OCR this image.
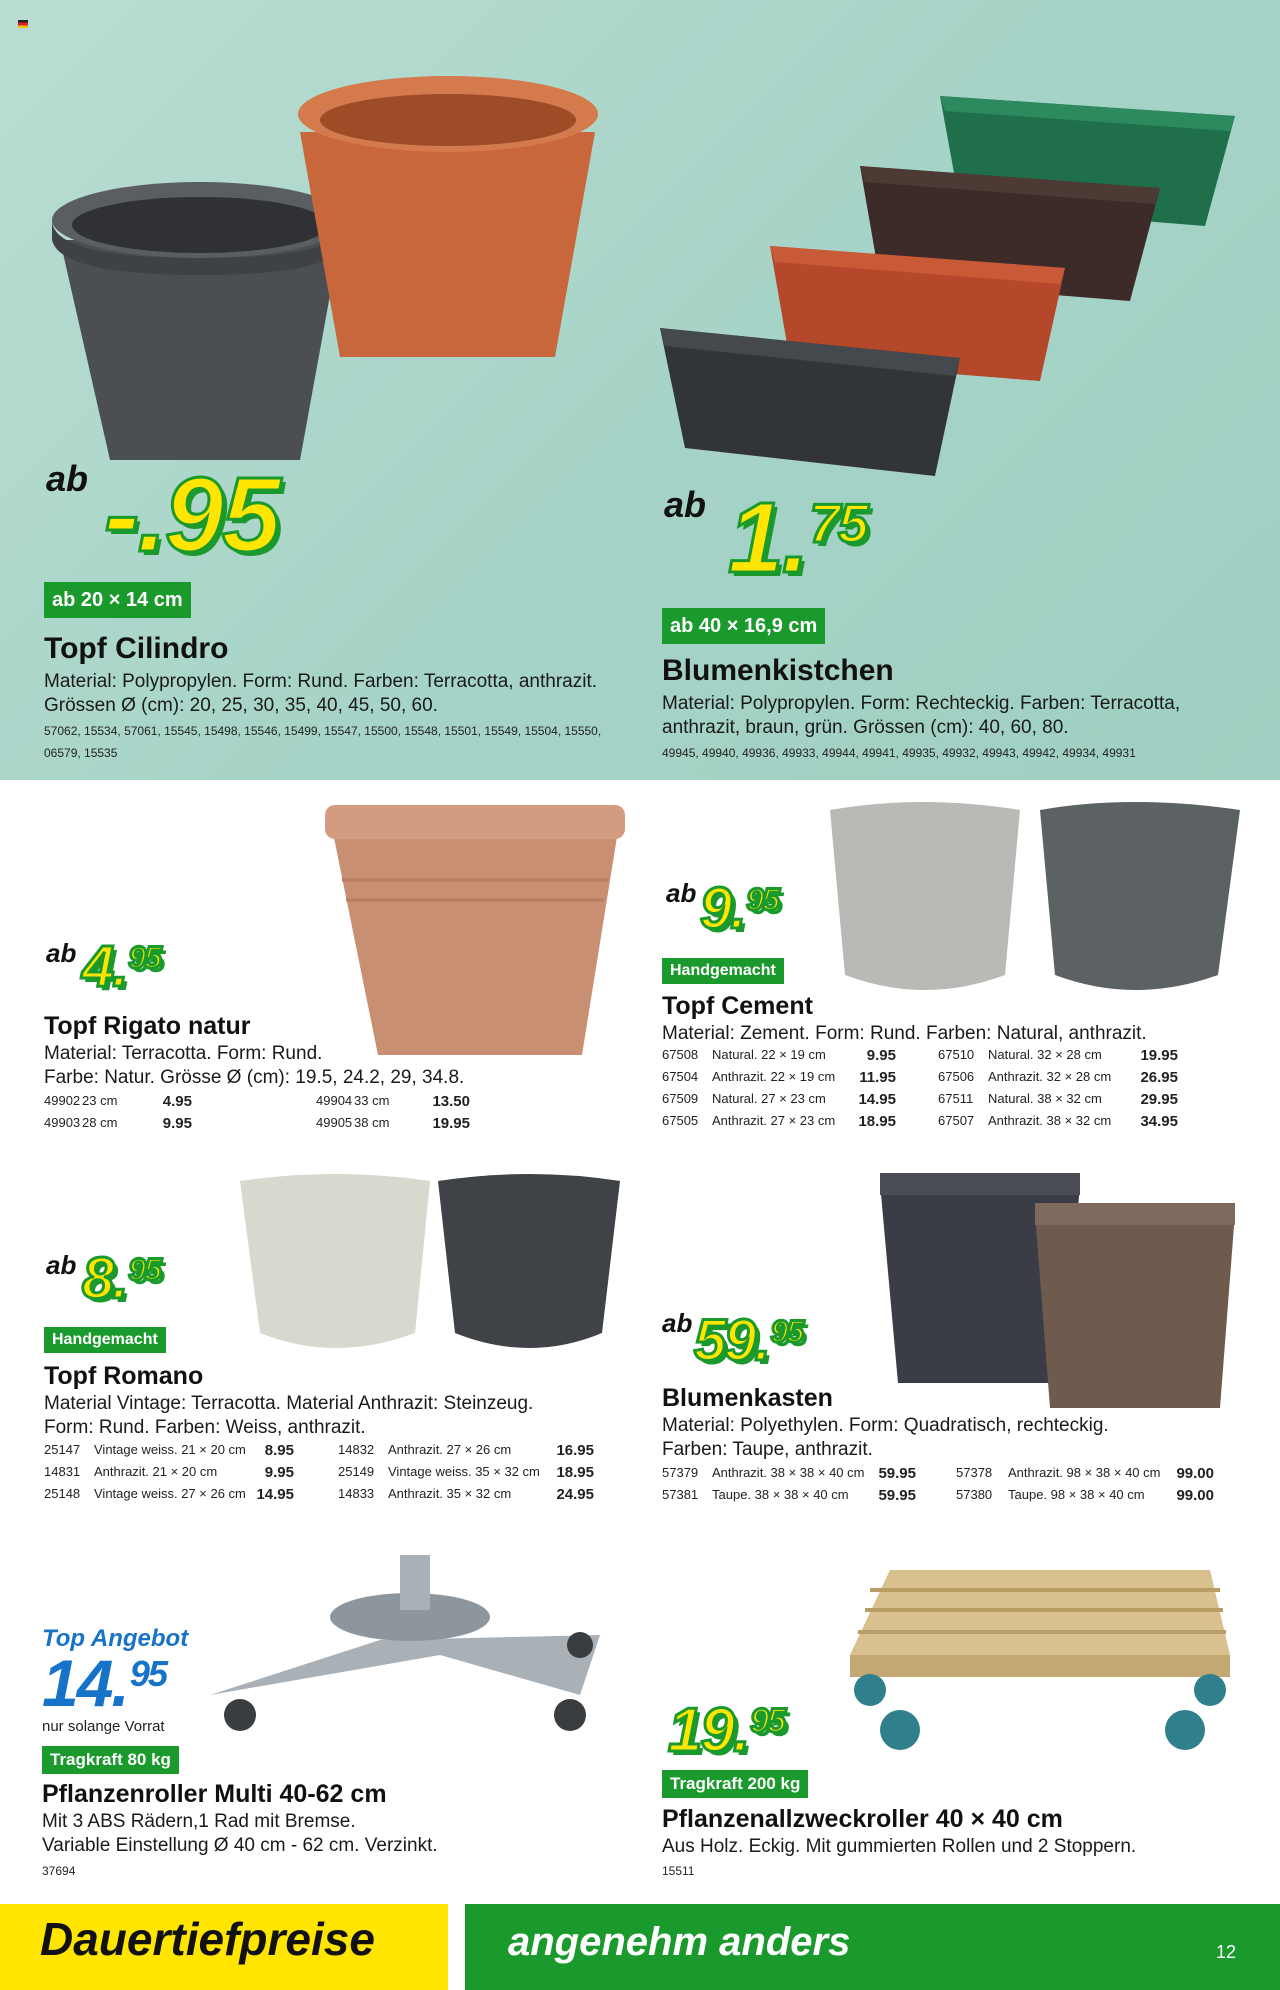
ab -.95
ab 20 × 14 cm
Topf Cilindro
Material: Polypropylen. Form: Rund. Farben: Terracotta, anthrazit.
Grössen Ø (cm): 20, 25, 30, 35, 40, 45, 50, 60.
57062, 15534, 57061, 15545, 15498, 15546, 15499, 15547, 15500, 15548, 15501, 15549, 15504, 15550,
06579, 15535
ab 1.75
ab 40 × 16,9 cm
Blumenkistchen
Material: Polypropylen. Form: Rechteckig. Farben: Terracotta,
anthrazit, braun, grün. Grössen (cm): 40, 60, 80.
49945, 49940, 49936, 49933, 49944, 49941, 49935, 49932, 49943, 49942, 49934, 49931
ab 4.95
Topf Rigato natur
Material: Terracotta. Form: Rund.
Farbe: Natur. Grösse Ø (cm): 19.5, 24.2, 29, 34.8.
49902	23 cm	4.95		49904	33 cm	13.50
49903	28 cm	9.95		49905	38 cm	19.95
ab 9.95
Handgemacht
Topf Cement
Material: Zement. Form: Rund. Farben: Natural, anthrazit.
67508	Natural. 22 × 19 cm	9.95		67510	Natural. 32 × 28 cm	19.95
67504	Anthrazit. 22 × 19 cm	11.95		67506	Anthrazit. 32 × 28 cm	26.95
67509	Natural. 27 × 23 cm	14.95		67511	Natural. 38 × 32 cm	29.95
67505	Anthrazit. 27 × 23 cm	18.95		67507	Anthrazit. 38 × 32 cm	34.95
ab 8.95
Handgemacht
Topf Romano
Material Vintage: Terracotta. Material Anthrazit: Steinzeug.
Form: Rund. Farben: Weiss, anthrazit.
25147	Vintage weiss. 21 × 20 cm	8.95		14832	Anthrazit. 27 × 26 cm	16.95
14831	Anthrazit. 21 × 20 cm	9.95		25149	Vintage weiss. 35 × 32 cm	18.95
25148	Vintage weiss. 27 × 26 cm	14.95		14833	Anthrazit. 35 × 32 cm	24.95
ab 59.95
Blumenkasten
Material: Polyethylen. Form: Quadratisch, rechteckig.
Farben: Taupe, anthrazit.
57379	Anthrazit. 38 × 38 × 40 cm	59.95		57378	Anthrazit. 98 × 38 × 40 cm	99.00
57381	Taupe. 38 × 38 × 40 cm	59.95		57380	Taupe. 98 × 38 × 40 cm	99.00
Top Angebot
14.95
nur solange Vorrat
Tragkraft 80 kg
Pflanzenroller Multi 40-62 cm
Mit 3 ABS Rädern,1 Rad mit Bremse.
Variable Einstellung Ø 40 cm - 62 cm. Verzinkt.
37694
19.95
Tragkraft 200 kg
Pflanzenallzweckroller 40 × 40 cm
Aus Holz. Eckig. Mit gummierten Rollen und 2 Stoppern.
15511
Dauertiefpreise	angenehm anders	12
